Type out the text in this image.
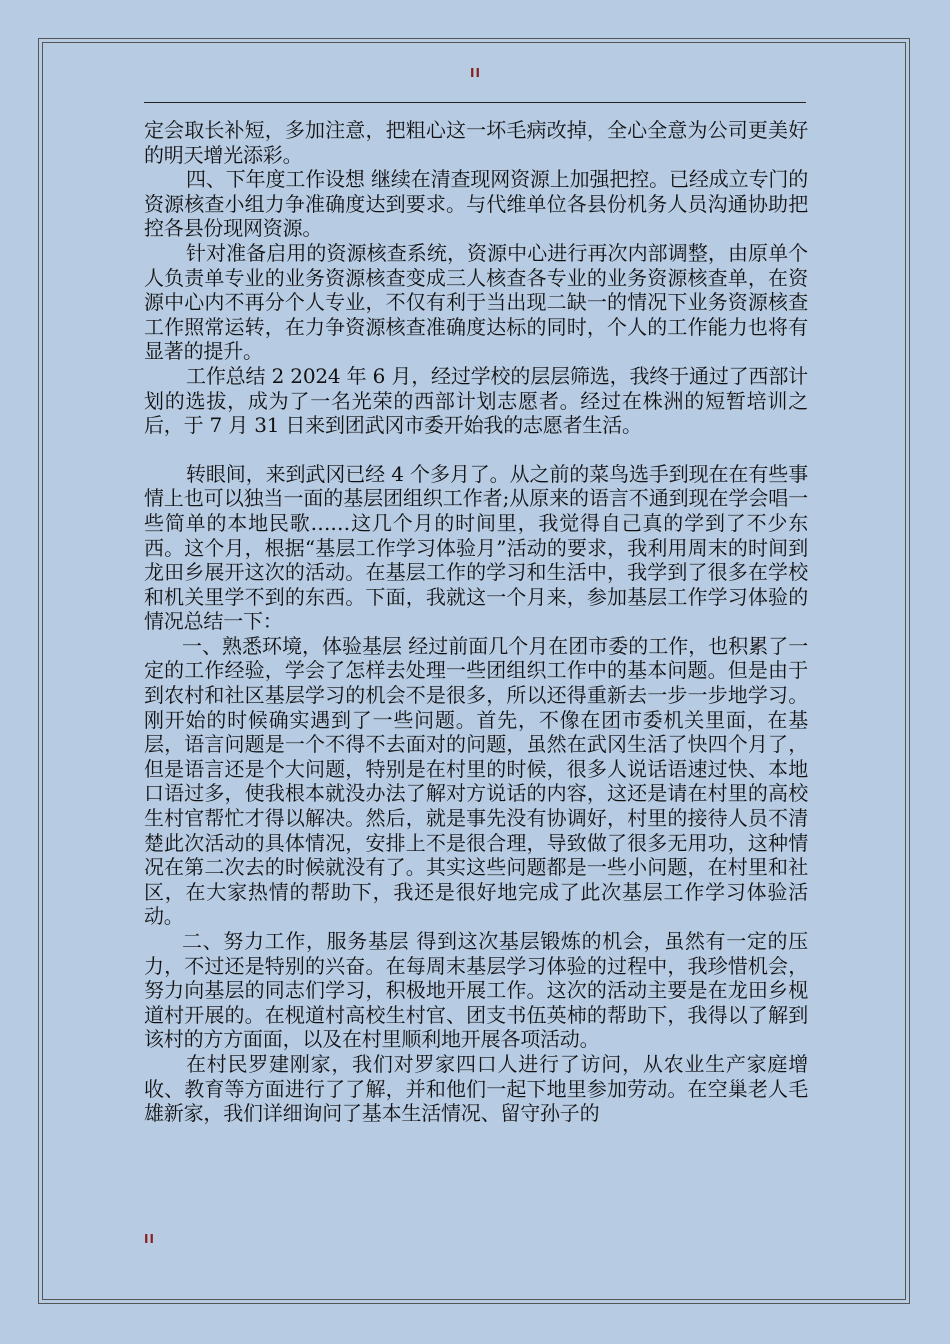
II

定会取长补短，多加注意，把粗心这一坏毛病改掉，全心全意为公司更美好的明天增光添彩。

四、下年度工作设想 继续在清查现网资源上加强把控。已经成立专门的资源核查小组力争准确度达到要求。与代维单位各县份机务人员沟通协助把控各县份现网资源。

针对准备启用的资源核查系统，资源中心进行再次内部调整，由原单个人负责单专业的业务资源核查变成三人核查各专业的业务资源核查单，在资源中心内不再分个人专业，不仅有利于当出现二缺一的情况下业务资源核查工作照常运转，在力争资源核查准确度达标的同时，个人的工作能力也将有显著的提升。

工作总结 2 2024 年 6 月，经过学校的层层筛选，我终于通过了西部计划的选拔，成为了一名光荣的西部计划志愿者。经过在株洲的短暂培训之后，于 7 月 31 日来到团武冈市委开始我的志愿者生活。

转眼间，来到武冈已经 4 个多月了。从之前的菜鸟选手到现在在有些事情上也可以独当一面的基层团组织工作者;从原来的语言不通到现在学会唱一些简单的本地民歌……这几个月的时间里，我觉得自己真的学到了不少东西。这个月，根据“基层工作学习体验月”活动的要求，我利用周末的时间到龙田乡展开这次的活动。在基层工作的学习和生活中，我学到了很多在学校和机关里学不到的东西。下面，我就这一个月来，参加基层工作学习体验的情况总结一下：

一、熟悉环境，体验基层 经过前面几个月在团市委的工作，也积累了一定的工作经验，学会了怎样去处理一些团组织工作中的基本问题。但是由于到农村和社区基层学习的机会不是很多，所以还得重新去一步一步地学习。刚开始的时候确实遇到了一些问题。首先，不像在团市委机关里面，在基层，语言问题是一个不得不去面对的问题，虽然在武冈生活了快四个月了，但是语言还是个大问题，特别是在村里的时候，很多人说话语速过快、本地口语过多，使我根本就没办法了解对方说话的内容，这还是请在村里的高校生村官帮忙才得以解决。然后，就是事先没有协调好，村里的接待人员不清楚此次活动的具体情况，安排上不是很合理，导致做了很多无用功，这种情况在第二次去的时候就没有了。其实这些问题都是一些小问题，在村里和社区，在大家热情的帮助下，我还是很好地完成了此次基层工作学习体验活动。

二、努力工作，服务基层 得到这次基层锻炼的机会，虽然有一定的压力，不过还是特别的兴奋。在每周末基层学习体验的过程中，我珍惜机会，努力向基层的同志们学习，积极地开展工作。这次的活动主要是在龙田乡枧道村开展的。在枧道村高校生村官、团支书伍英柿的帮助下，我得以了解到该村的方方面面，以及在村里顺利地开展各项活动。

在村民罗建刚家，我们对罗家四口人进行了访问，从农业生产家庭增收、教育等方面进行了了解，并和他们一起下地里参加劳动。在空巢老人毛雄新家，我们详细询问了基本生活情况、留守孙子的

II
